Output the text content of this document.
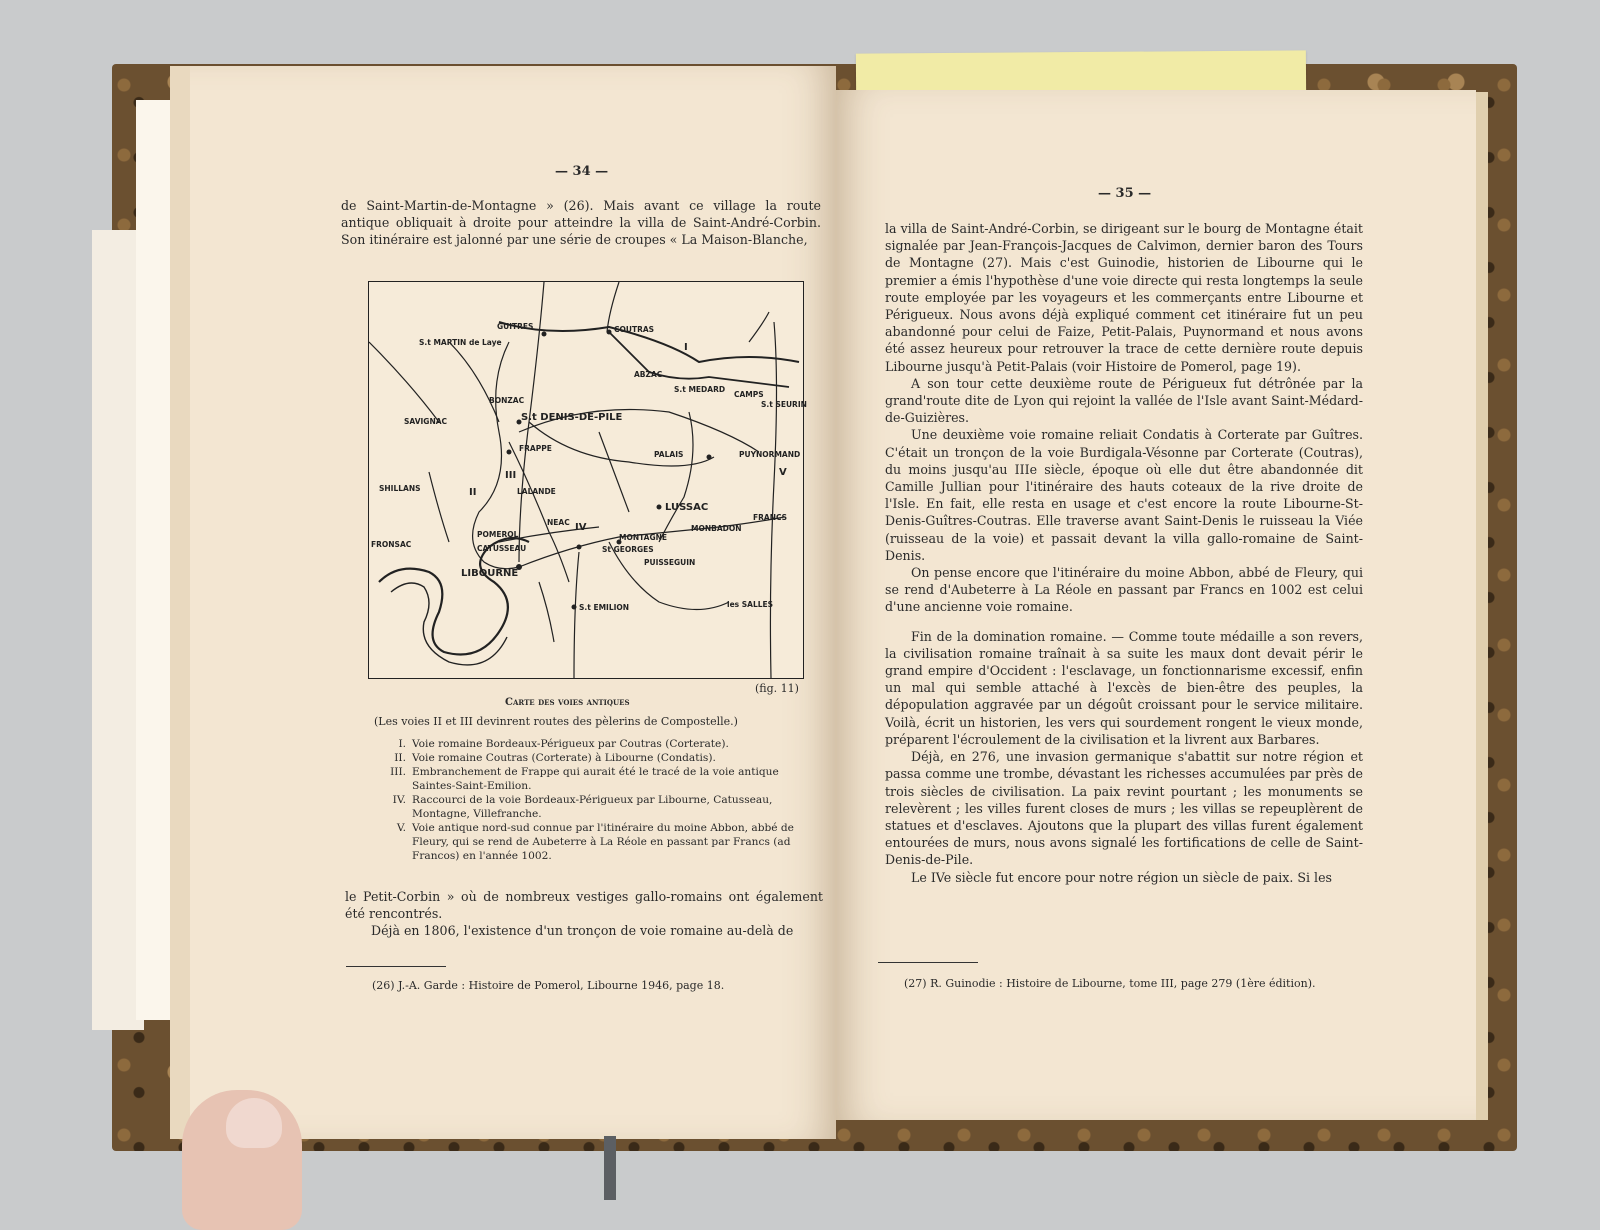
— 34 —

de Saint-Martin-de-Montagne » (26). Mais avant ce village la route antique obliquait à droite pour atteindre la villa de Saint-André-Corbin. Son itinéraire est jalonné par une série de croupes « La Maison-Blanche,

GUITRES	COUTRAS
S.t MARTIN de Laye
ABZAC
S.t MEDARD
CAMPS
S.t SEURIN
BONZAC
S.t DENIS-DE-PILE
SAVIGNAC
FRAPPE
PALAIS	PUYNORMAND
SHILLANS	LALANDE
LUSSAC
FRANCS
FRONSAC
POMEROL
NEAC
MONTAGNE
MONBADON
CATUSSEAU	St GEORGES
PUISSEGUIN
LIBOURNE
S.t EMILION	les SALLES
I
II
III
IV
V
(fig. 11)
Carte des voies antiques
(Les voies II et III devinrent routes des pèlerins de Compostelle.)
I. Voie romaine Bordeaux-Périgueux par Coutras (Corterate).
II. Voie romaine Coutras (Corterate) à Libourne (Condatis).
III. Embranchement de Frappe qui aurait été le tracé de la voie antique Saintes-Saint-Emilion.
IV. Raccourci de la voie Bordeaux-Périgueux par Libourne, Catusseau, Montagne, Villefranche.
V. Voie antique nord-sud connue par l'itinéraire du moine Abbon, abbé de Fleury, qui se rend de Aubeterre à La Réole en passant par Francs (ad Francos) en l'année 1002.

le Petit-Corbin » où de nombreux vestiges gallo-romains ont également été rencontrés.

Déjà en 1806, l'existence d'un tronçon de voie romaine au-delà de

(26) J.-A. Garde : Histoire de Pomerol, Libourne 1946, page 18.
— 35 —

la villa de Saint-André-Corbin, se dirigeant sur le bourg de Montagne était signalée par Jean-François-Jacques de Calvimon, dernier baron des Tours de Montagne (27). Mais c'est Guinodie, historien de Libourne qui le premier a émis l'hypothèse d'une voie directe qui resta longtemps la seule route employée par les voyageurs et les commerçants entre Libourne et Périgueux. Nous avons déjà expliqué comment cet itinéraire fut un peu abandonné pour celui de Faize, Petit-Palais, Puynormand et nous avons été assez heureux pour retrouver la trace de cette dernière route depuis Libourne jusqu'à Petit-Palais (voir Histoire de Pomerol, page 19).

A son tour cette deuxième route de Périgueux fut détrônée par la grand'route dite de Lyon qui rejoint la vallée de l'Isle avant Saint-Médard-de-Guizières.

Une deuxième voie romaine reliait Condatis à Corterate par Guîtres. C'était un tronçon de la voie Burdigala-Vésonne par Corterate (Coutras), du moins jusqu'au IIIe siècle, époque où elle dut être abandonnée dit Camille Jullian pour l'itinéraire des hauts coteaux de la rive droite de l'Isle. En fait, elle resta en usage et c'est encore la route Libourne-St-Denis-Guîtres-Coutras. Elle traverse avant Saint-Denis le ruisseau la Viée (ruisseau de la voie) et passait devant la villa gallo-romaine de Saint-Denis.

On pense encore que l'itinéraire du moine Abbon, abbé de Fleury, qui se rend d'Aubeterre à La Réole en passant par Francs en 1002 est celui d'une ancienne voie romaine.

Fin de la domination romaine. — Comme toute médaille a son revers, la civilisation romaine traînait à sa suite les maux dont devait périr le grand empire d'Occident : l'esclavage, un fonctionnarisme excessif, enfin un mal qui semble attaché à l'excès de bien-être des peuples, la dépopulation aggravée par un dégoût croissant pour le service militaire. Voilà, écrit un historien, les vers qui sourdement rongent le vieux monde, préparent l'écroulement de la civilisation et la livrent aux Barbares.

Déjà, en 276, une invasion germanique s'abattit sur notre région et passa comme une trombe, dévastant les richesses accumulées par près de trois siècles de civilisation. La paix revint pourtant ; les monuments se relevèrent ; les villes furent closes de murs ; les villas se repeuplèrent de statues et d'esclaves. Ajoutons que la plupart des villas furent également entourées de murs, nous avons signalé les fortifications de celle de Saint-Denis-de-Pile.

Le IVe siècle fut encore pour notre région un siècle de paix. Si les

(27) R. Guinodie : Histoire de Libourne, tome III, page 279 (1ère édition).
